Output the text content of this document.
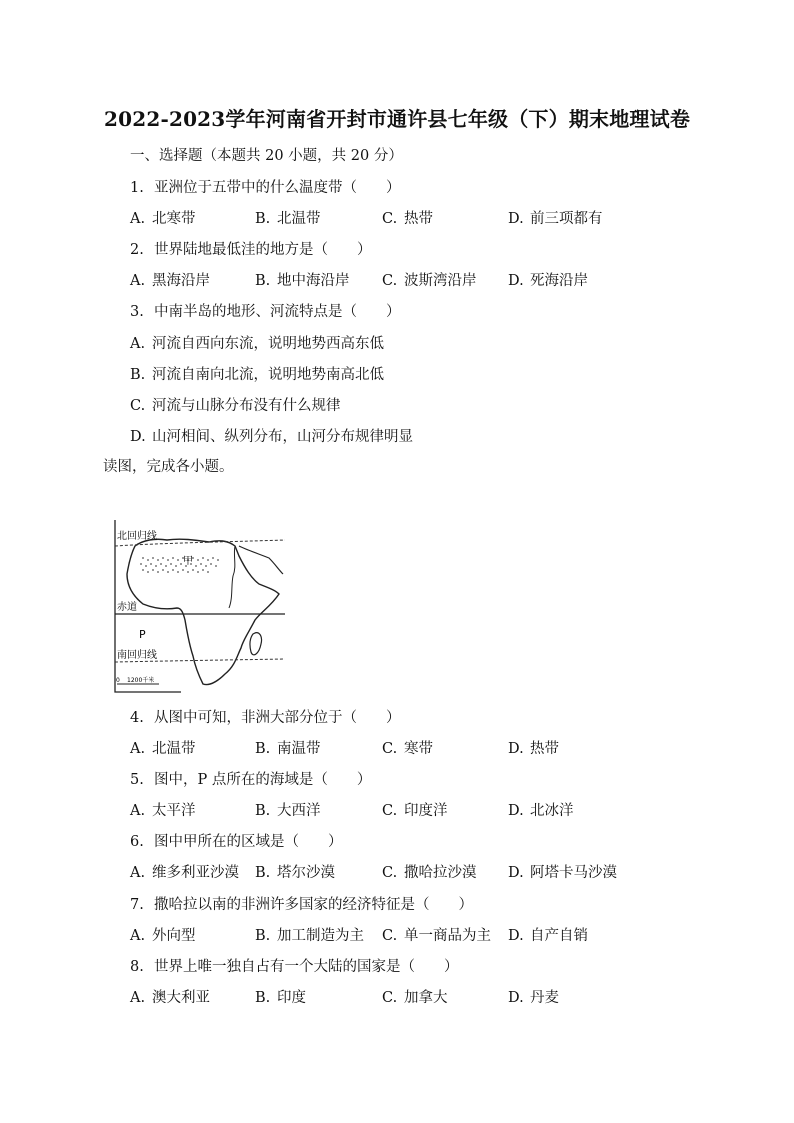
2022-2023学年河南省开封市通许县七年级（下）期末地理试卷
一、选择题（本题共 20 小题，共 20 分）
1. 亚洲位于五带中的什么温度带（　　）
A. 北寒带	B. 北温带	C. 热带	D. 前三项都有
2. 世界陆地最低洼的地方是（　　）
A. 黑海沿岸	B. 地中海沿岸 C. 波斯湾沿岸 D. 死海沿岸
3. 中南半岛的地形、河流特点是（　　）
A. 河流自西向东流，说明地势西高东低
B. 河流自南向北流，说明地势南高北低
C. 河流与山脉分布没有什么规律
D. 山河相间、纵列分布，山河分布规律明显
读图，完成各小题。
北回归线
赤道
南回归线
甲
P
0 1200千米
4. 从图中可知，非洲大部分位于（　　）
A. 北温带	B. 南温带	C. 寒带	D. 热带
5. 图中，P 点所在的海域是（　　）
A. 太平洋	B. 大西洋	C. 印度洋	D. 北冰洋
6. 图中甲所在的区域是（　　）
A. 维多利亚沙漠 B. 塔尔沙漠	C. 撒哈拉沙漠 D. 阿塔卡马沙漠
7. 撒哈拉以南的非洲许多国家的经济特征是（　　）
A. 外向型	B. 加工制造为主 C. 单一商品为主 D. 自产自销
8. 世界上唯一独自占有一个大陆的国家是（　　）
A. 澳大利亚	B. 印度	C. 加拿大	D. 丹麦
